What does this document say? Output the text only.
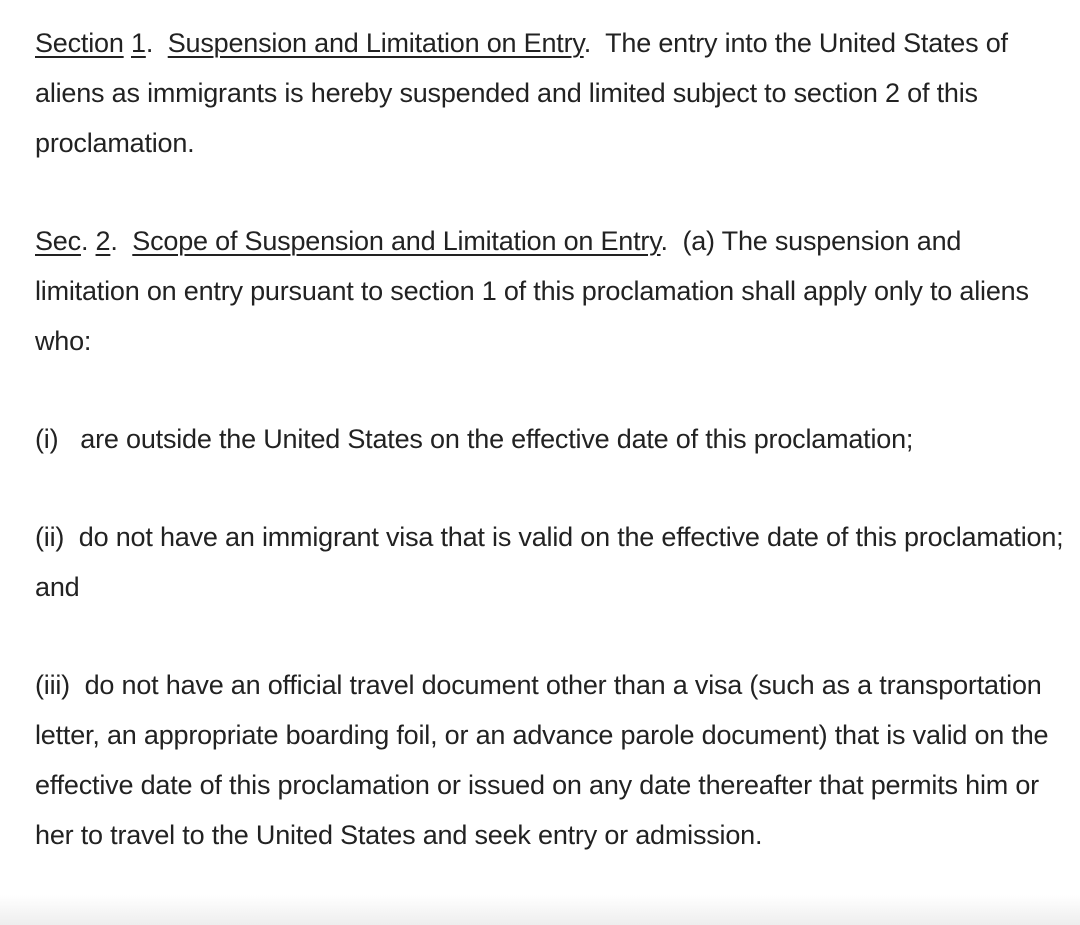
Section 1.  Suspension and Limitation on Entry.  The entry into the United States of aliens as immigrants is hereby suspended and limited subject to section 2 of this proclamation.

Sec. 2.  Scope of Suspension and Limitation on Entry.  (a) The suspension and limitation on entry pursuant to section 1 of this proclamation shall apply only to aliens who:

(i) are outside the United States on the effective date of this proclamation;

(ii) do not have an immigrant visa that is valid on the effective date of this proclamation; and

(iii) do not have an official travel document other than a visa (such as a transportation letter, an appropriate boarding foil, or an advance parole document) that is valid on the effective date of this proclamation or issued on any date thereafter that permits him or her to travel to the United States and seek entry or admission.
